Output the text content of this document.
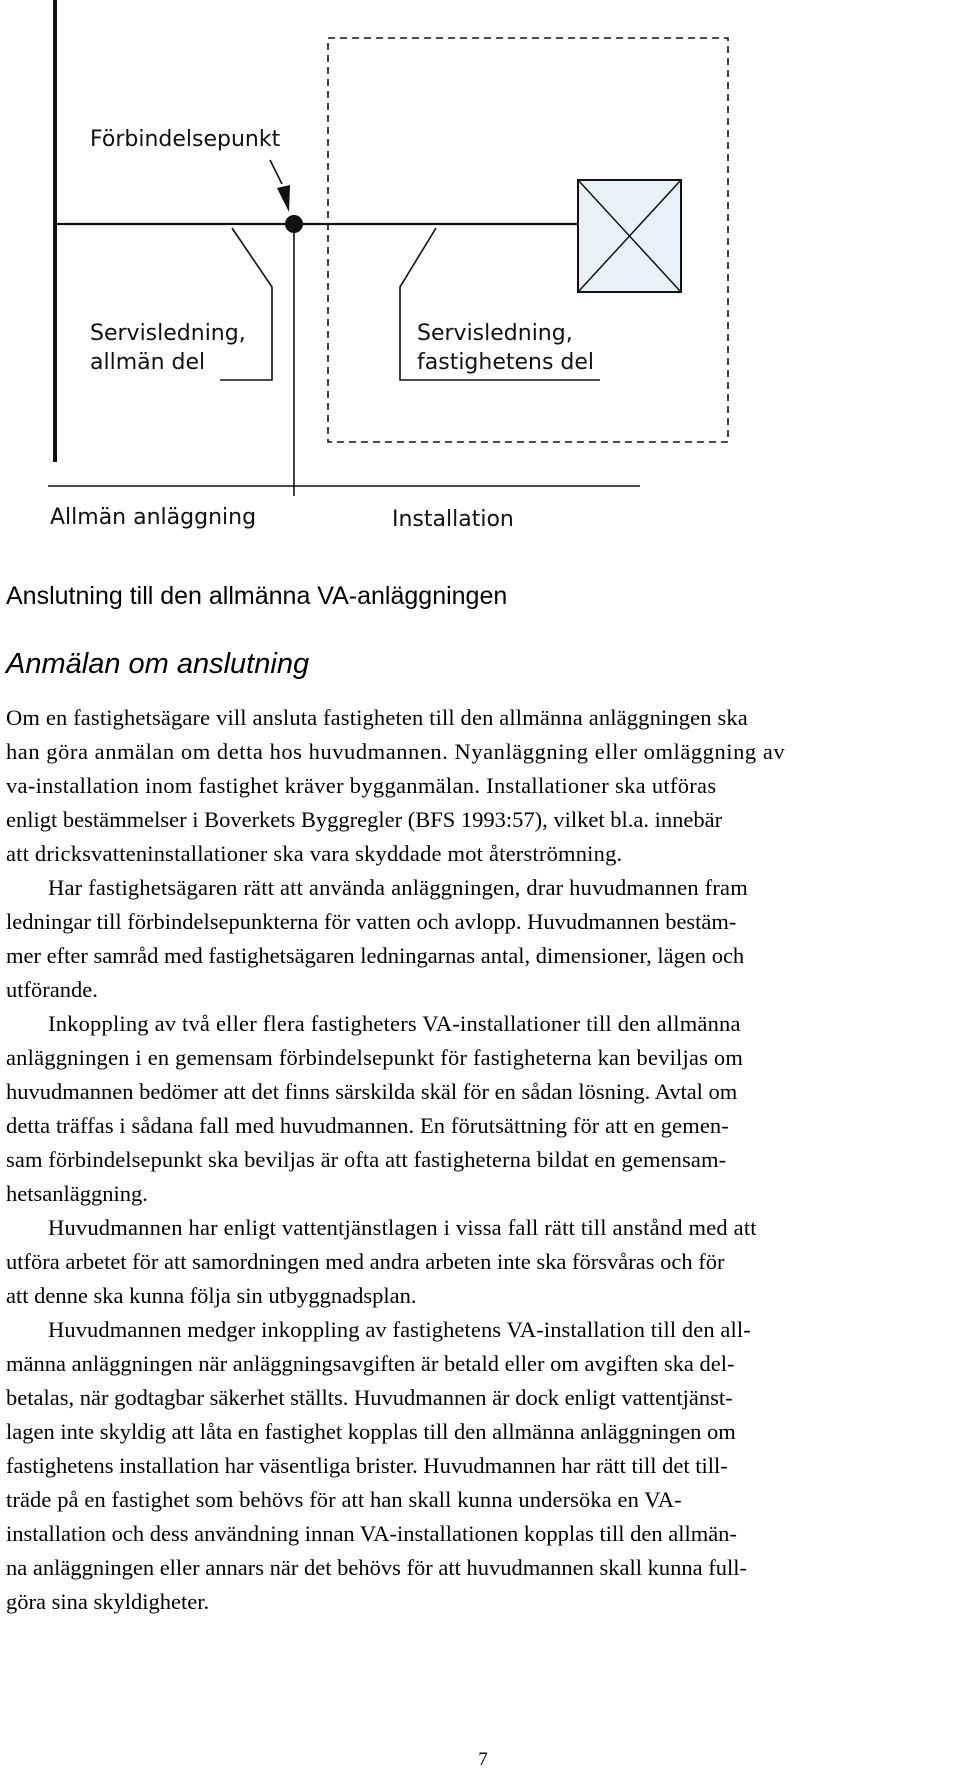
Förbindelsepunkt
Servisledning,
allmän del
Servisledning,
fastighetens del
Allmän anläggning	Installation
Anslutning till den allmänna VA-anläggningen
Anmälan om anslutning
Om en fastighetsägare vill ansluta fastigheten till den allmänna anläggningen ska
han göra anmälan om detta hos huvudmannen. Nyanläggning eller omläggning av
va-installation inom fastighet kräver bygganmälan. Installationer ska utföras
enligt bestämmelser i Boverkets Byggregler (BFS 1993:57), vilket bl.a. innebär
att dricksvatteninstallationer ska vara skyddade mot återströmning.
Har fastighetsägaren rätt att använda anläggningen, drar huvudmannen fram
ledningar till förbindelsepunkterna för vatten och avlopp. Huvudmannen bestäm-
mer efter samråd med fastighetsägaren ledningarnas antal, dimensioner, lägen och
utförande.
Inkoppling av två eller flera fastigheters VA-installationer till den allmänna
anläggningen i en gemensam förbindelsepunkt för fastigheterna kan beviljas om
huvudmannen bedömer att det finns särskilda skäl för en sådan lösning. Avtal om
detta träffas i sådana fall med huvudmannen. En förutsättning för att en gemen-
sam förbindelsepunkt ska beviljas är ofta att fastigheterna bildat en gemensam-
hetsanläggning.
Huvudmannen har enligt vattentjänstlagen i vissa fall rätt till anstånd med att
utföra arbetet för att samordningen med andra arbeten inte ska försvåras och för
att denne ska kunna följa sin utbyggnadsplan.
Huvudmannen medger inkoppling av fastighetens VA-installation till den all-
männa anläggningen när anläggningsavgiften är betald eller om avgiften ska del-
betalas, när godtagbar säkerhet ställts. Huvudmannen är dock enligt vattentjänst-
lagen inte skyldig att låta en fastighet kopplas till den allmänna anläggningen om
fastighetens installation har väsentliga brister. Huvudmannen har rätt till det till-
träde på en fastighet som behövs för att han skall kunna undersöka en VA-
installation och dess användning innan VA-installationen kopplas till den allmän-
na anläggningen eller annars när det behövs för att huvudmannen skall kunna full-
göra sina skyldigheter.
7
